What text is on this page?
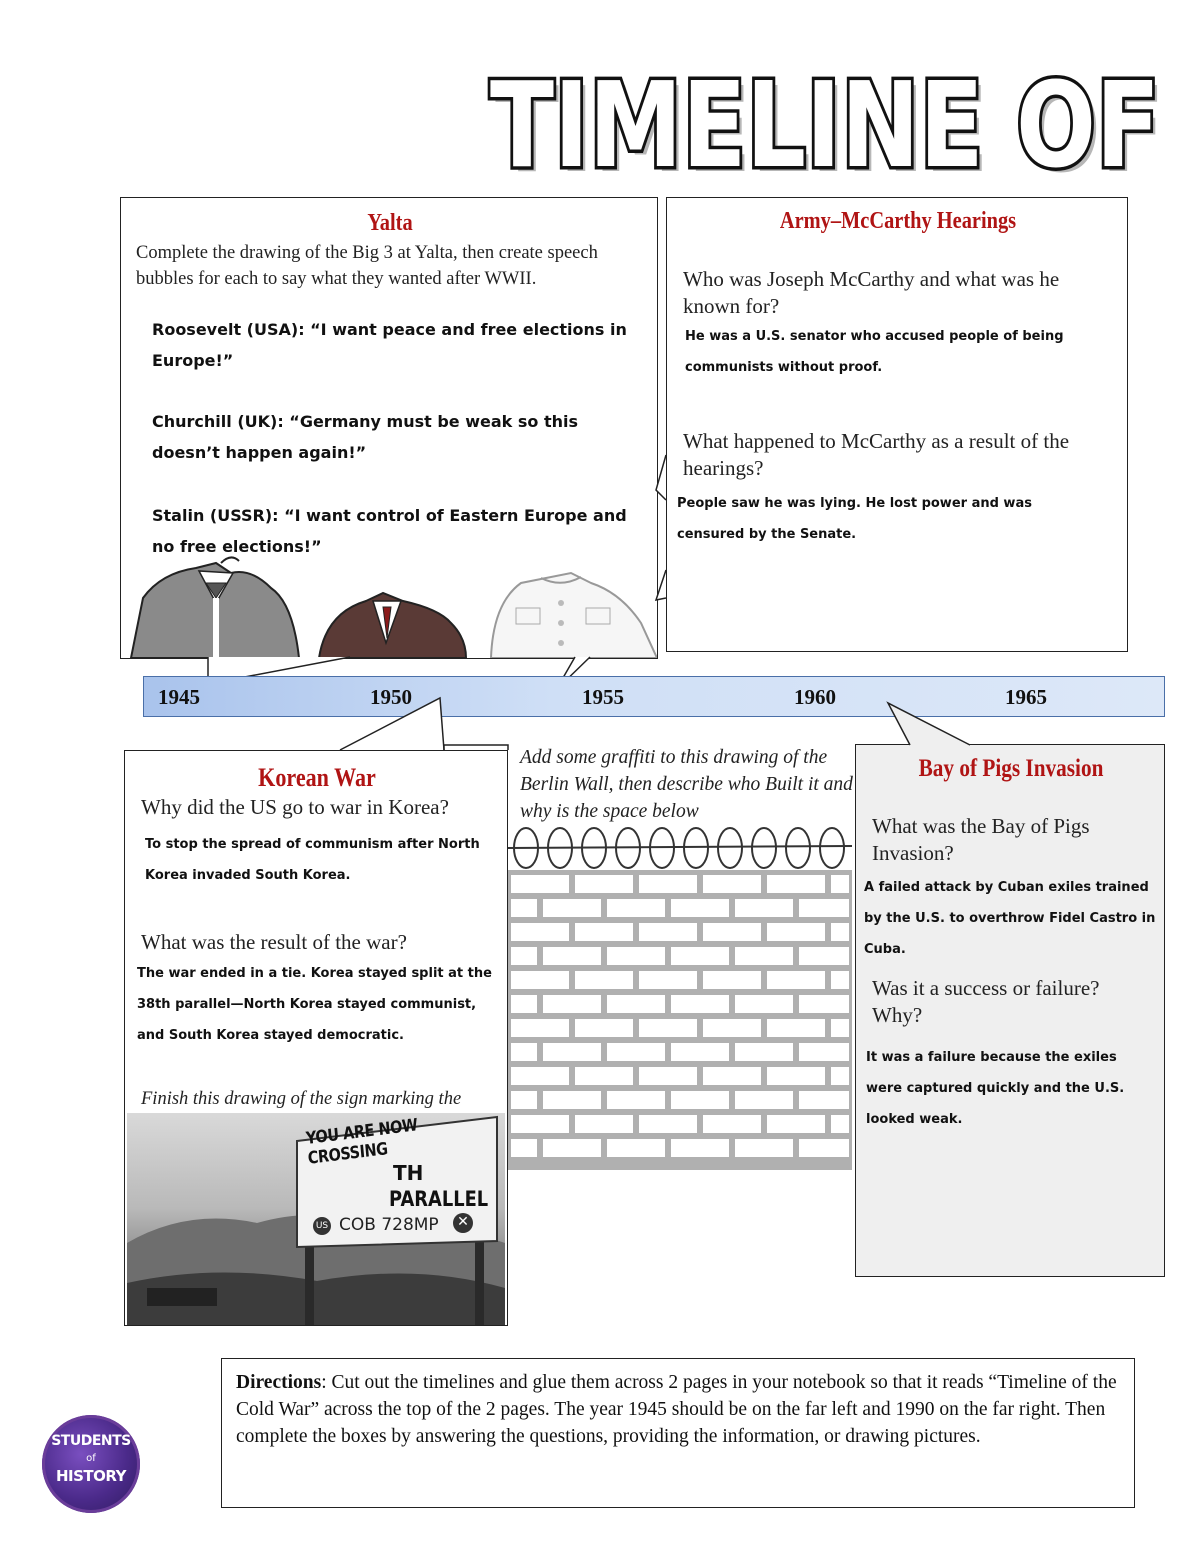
TIMELINE OF
TIMELINE OF
Yalta
Complete the drawing of the Big 3 at Yalta, then create speech bubbles for each to say what they wanted after WWII.
Roosevelt (USA): “I want peace and free elections in Europe!”
Churchill (UK): “Germany must be weak so this doesn’t happen again!”
Stalin (USSR): “I want control of Eastern Europe and no free elections!”
Army–McCarthy Hearings
Who was Joseph McCarthy and what was he known for?
He was a U.S. senator who accused people of being communists without proof.
What happened to McCarthy as a result of the hearings?
People saw he was lying. He lost power and was censured by the Senate.
1945	1950	1955	1960	1965
Korean War
Why did the US go to war in Korea?
To stop the spread of communism after North Korea invaded South Korea.
What was the result of the war?
The war ended in a tie. Korea stayed split at the 38th parallel—North Korea stayed communist, and South Korea stayed democratic.
Finish this drawing of the sign marking the
YOU ARE NOW CROSSING
TH
PARALLEL
US COB 728MP ✕
Add some graffiti to this drawing of the Berlin Wall, then describe who Built it and why is the space below
Bay of Pigs Invasion
What was the Bay of Pigs Invasion?
A failed attack by Cuban exiles trained by the U.S. to overthrow Fidel Castro in Cuba.
Was it a success or failure? Why?
It was a failure because the exiles were captured quickly and the U.S. looked weak.
STUDENTS
of
HISTORY
Directions: Cut out the timelines and glue them across 2 pages in your notebook so that it reads “Timeline of the Cold War” across the top of the 2 pages. The year 1945 should be on the far left and 1990 on the far right. Then complete the boxes by answering the questions, providing the information, or drawing pictures.
